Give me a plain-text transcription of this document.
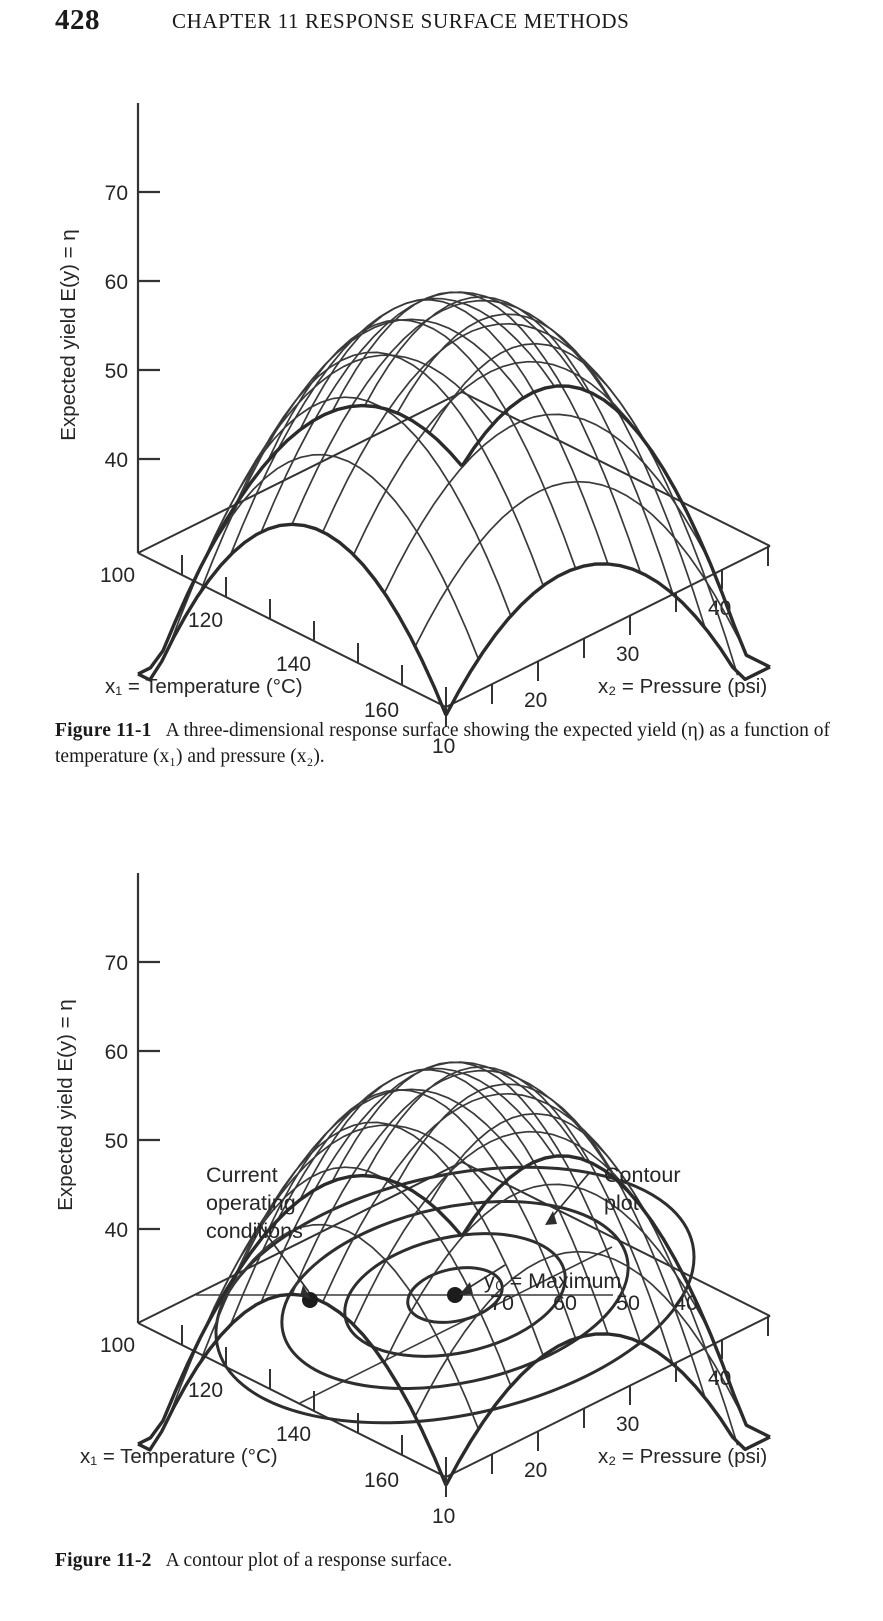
428	CHAPTER 11 RESPONSE SURFACE METHODS
70
60
50
40
Expected yield E(y) = η
100
120
140
160
x₁ = Temperature (°C)
10
20
30
40
x₂ = Pressure (psi)
Figure 11-1 A three-dimensional response surface showing the expected yield (η) as a function of temperature (x₁) and pressure (x₂).
70
60
50
40
Expected yield E(y) = η	Current
operating
conditions
Contour
plot
y₀ = Maximum
70 60 50 40
100
120
140
160
x₁ = Temperature (°C)
10
20
30
40
x₂ = Pressure (psi)
Figure 11-2 A contour plot of a response surface.
